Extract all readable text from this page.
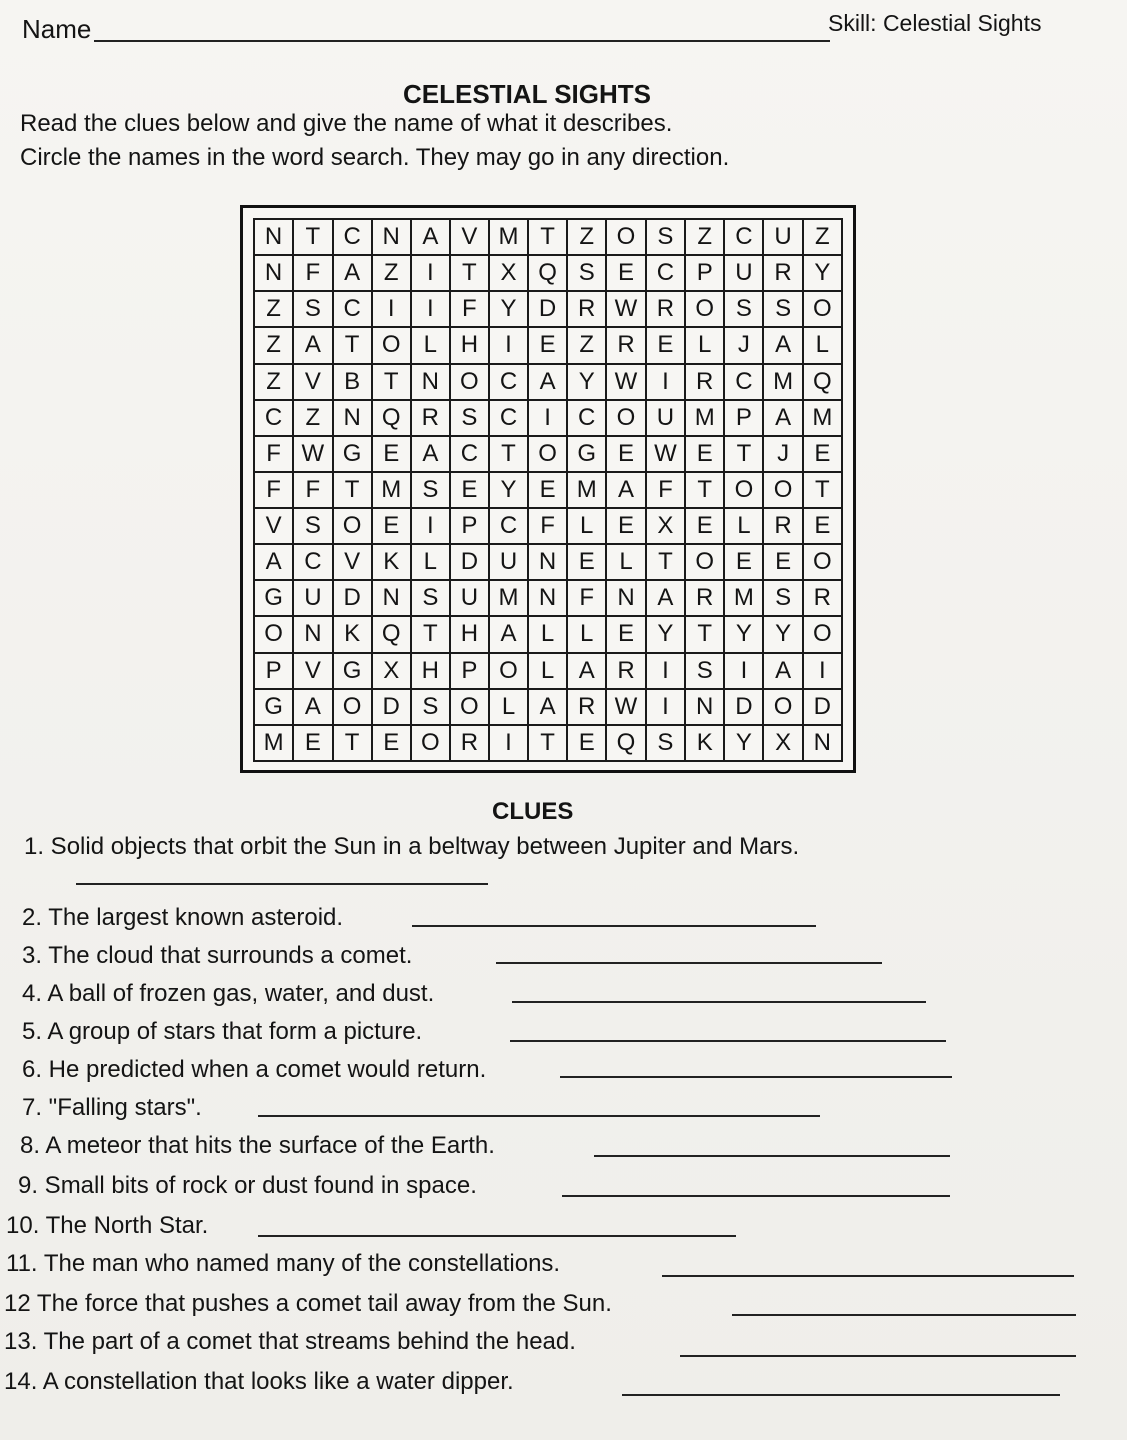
Name	Skill: Celestial Sights
CELESTIAL SIGHTS
Read the clues below and give the name of what it describes.
Circle the names in the word search. They may go in any direction.
N	T	C	N	A	V	M	T	Z	O	S	Z	C	U	Z
N	F	A	Z	I	T	X	Q	S	E	C	P	U	R	Y
Z	S	C	I	I	F	Y	D	R	W	R	O	S	S	O
Z	A	T	O	L	H	I	E	Z	R	E	L	J	A	L
Z	V	B	T	N	O	C	A	Y	W	I	R	C	M	Q
C	Z	N	Q	R	S	C	I	C	O	U	M	P	A	M
F	W	G	E	A	C	T	O	G	E	W	E	T	J	E
F	F	T	M	S	E	Y	E	M	A	F	T	O	O	T
V	S	O	E	I	P	C	F	L	E	X	E	L	R	E
A	C	V	K	L	D	U	N	E	L	T	O	E	E	O
G	U	D	N	S	U	M	N	F	N	A	R	M	S	R
O	N	K	Q	T	H	A	L	L	E	Y	T	Y	Y	O
P	V	G	X	H	P	O	L	A	R	I	S	I	A	I
G	A	O	D	S	O	L	A	R	W	I	N	D	O	D
M	E	T	E	O	R	I	T	E	Q	S	K	Y	X	N
CLUES
1. Solid objects that orbit the Sun in a beltway between Jupiter and Mars.
2. The largest known asteroid.
3. The cloud that surrounds a comet.
4. A ball of frozen gas, water, and dust.
5. A group of stars that form a picture.
6. He predicted when a comet would return.
7. "Falling stars".
8. A meteor that hits the surface of the Earth.
9. Small bits of rock or dust found in space.
10. The North Star.
11. The man who named many of the constellations.
12 The force that pushes a comet tail away from the Sun.
13. The part of a comet that streams behind the head.
14. A constellation that looks like a water dipper.
